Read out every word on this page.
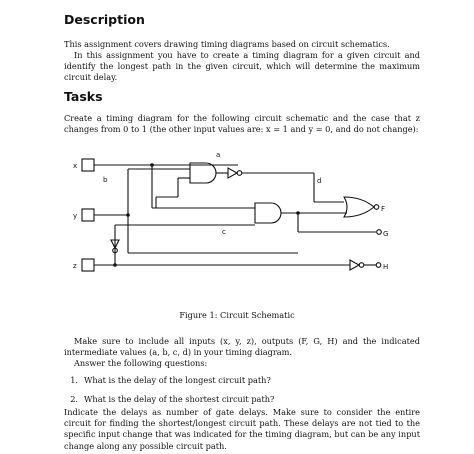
Description

This assignment covers drawing timing diagrams based on circuit schematics.

In this assignment you have to create a timing diagram for a given circuit and identify the longest path in the given circuit, which will determine the maximum circuit delay.

Tasks

Create a timing diagram for the following circuit schematic and the case that z changes from 0 to 1 (the other input values are: x = 1 and y = 0, and do not change):

x
y
z
a
b
c
d
F
G
H
Figure 1: Circuit Schematic

Make sure to include all inputs (x, y, z), outputs (F, G, H) and the indicated intermediate values (a, b, c, d) in your timing diagram.

Answer the following questions:

1. What is the delay of the longest circuit path?
2. What is the delay of the shortest circuit path?

Indicate the delays as number of gate delays. Make sure to consider the entire circuit for finding the shortest/longest circuit path. These delays are not tied to the specific input change that was indicated for the timing diagram, but can be any input change along any possible circuit path.
